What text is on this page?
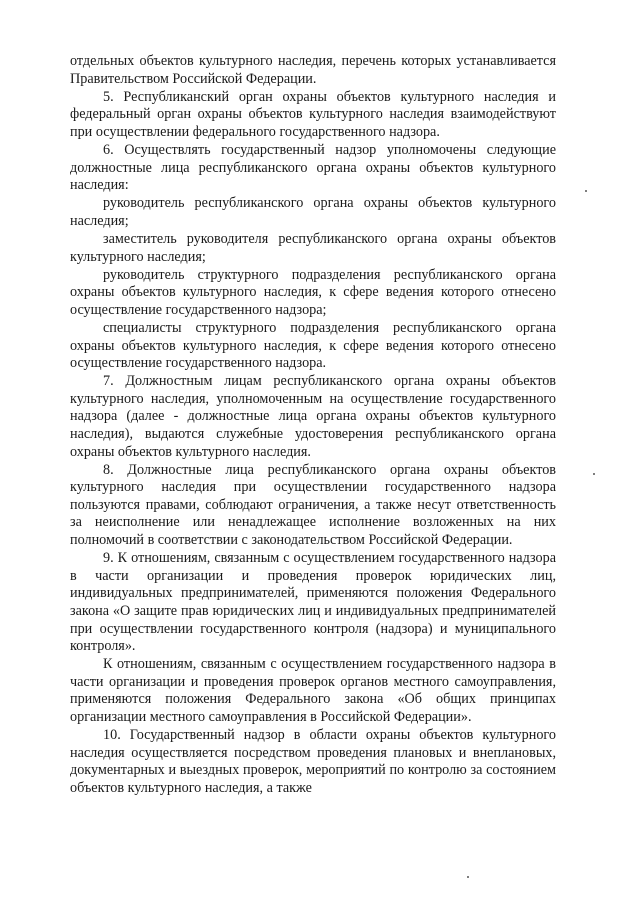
отдельных объектов культурного наследия, перечень которых устанавливается Правительством Российской Федерации.

5. Республиканский орган охраны объектов культурного наследия и федеральный орган охраны объектов культурного наследия взаимодействуют при осуществлении федерального государственного надзора.

6. Осуществлять государственный надзор уполномочены следующие должностные лица республиканского органа охраны объектов культурного наследия:

руководитель республиканского органа охраны объектов культурного наследия;

заместитель руководителя республиканского органа охраны объектов культурного наследия;

руководитель структурного подразделения республиканского органа охраны объектов культурного наследия, к сфере ведения которого отнесено осуществление государственного надзора;

специалисты структурного подразделения республиканского органа охраны объектов культурного наследия, к сфере ведения которого отнесено осуществление государственного надзора.

7. Должностным лицам республиканского органа охраны объектов культурного наследия, уполномоченным на осуществление государственного надзора (далее - должностные лица органа охраны объектов культурного наследия), выдаются служебные удостоверения республиканского органа охраны объектов культурного наследия.

8. Должностные лица республиканского органа охраны объектов культурного наследия при осуществлении государственного надзора пользуются правами, соблюдают ограничения, а также несут ответственность за неисполнение или ненадлежащее исполнение возложенных на них полномочий в соответствии с законодательством Российской Федерации.

9. К отношениям, связанным с осуществлением государственного надзора в части организации и проведения проверок юридических лиц, индивидуальных предпринимателей, применяются положения Федерального закона «О защите прав юридических лиц и индивидуальных предпринимателей при осуществлении государственного контроля (надзора) и муниципального контроля».

К отношениям, связанным с осуществлением государственного надзора в части организации и проведения проверок органов местного самоуправления, применяются положения Федерального закона «Об общих принципах организации местного самоуправления в Российской Федерации».

10. Государственный надзор в области охраны объектов культурного наследия осуществляется посредством проведения плановых и внеплановых, документарных и выездных проверок, мероприятий по контролю за состоянием объектов культурного наследия, а также
